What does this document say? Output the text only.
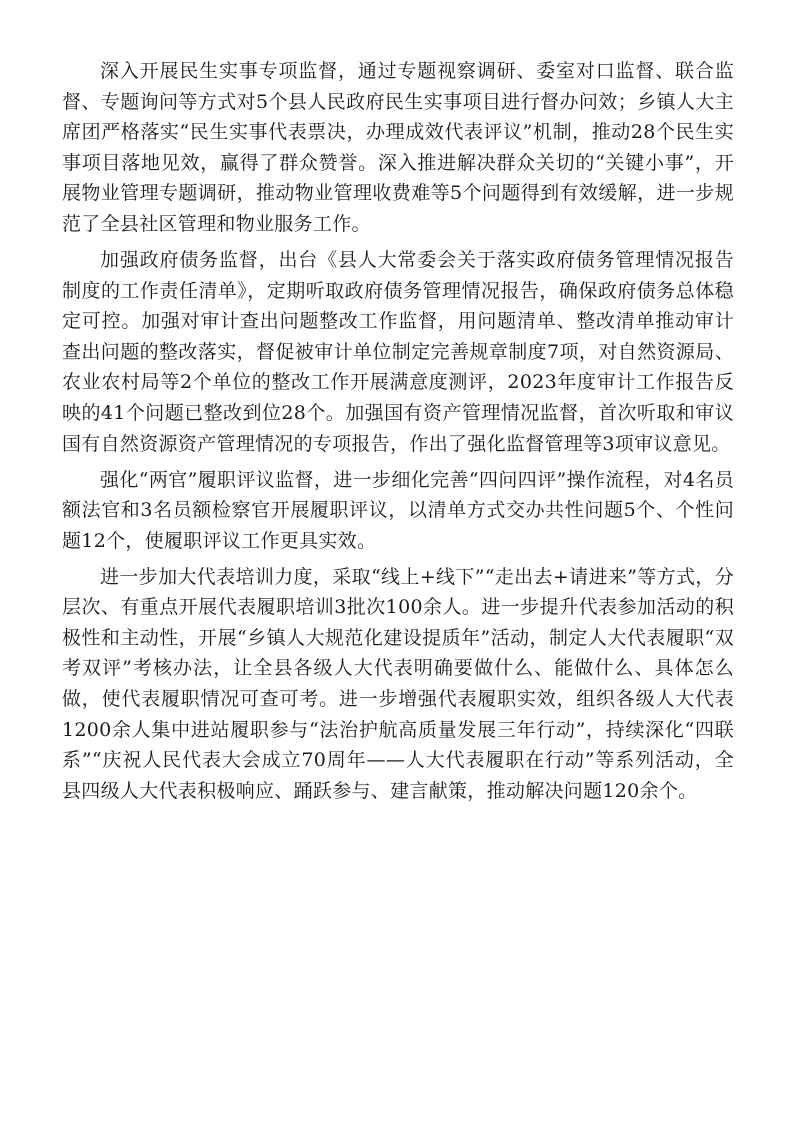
深入开展民生实事专项监督，通过专题视察调研、委室对口监督、联合监督、专题询问等方式对5个县人民政府民生实事项目进行督办问效；乡镇人大主席团严格落实“民生实事代表票决，办理成效代表评议”机制，推动28个民生实事项目落地见效，赢得了群众赞誉。深入推进解决群众关切的“关键小事”，开展物业管理专题调研，推动物业管理收费难等5个问题得到有效缓解，进一步规范了全县社区管理和物业服务工作。

加强政府债务监督，出台《县人大常委会关于落实政府债务管理情况报告制度的工作责任清单》，定期听取政府债务管理情况报告，确保政府债务总体稳定可控。加强对审计查出问题整改工作监督，用问题清单、整改清单推动审计查出问题的整改落实，督促被审计单位制定完善规章制度7项，对自然资源局、农业农村局等2个单位的整改工作开展满意度测评，2023年度审计工作报告反映的41个问题已整改到位28个。加强国有资产管理情况监督，首次听取和审议国有自然资源资产管理情况的专项报告，作出了强化监督管理等3项审议意见。

强化“两官”履职评议监督，进一步细化完善“四问四评”操作流程，对4名员额法官和3名员额检察官开展履职评议，以清单方式交办共性问题5个、个性问题12个，使履职评议工作更具实效。

进一步加大代表培训力度，采取“线上+线下”“走出去+请进来”等方式，分层次、有重点开展代表履职培训3批次100余人。进一步提升代表参加活动的积极性和主动性，开展“乡镇人大规范化建设提质年”活动，制定人大代表履职“双考双评”考核办法，让全县各级人大代表明确要做什么、能做什么、具体怎么做，使代表履职情况可查可考。进一步增强代表履职实效，组织各级人大代表1200余人集中进站履职参与“法治护航高质量发展三年行动”，持续深化“四联系”“庆祝人民代表大会成立70周年——人大代表履职在行动”等系列活动，全县四级人大代表积极响应、踊跃参与、建言献策，推动解决问题120余个。
